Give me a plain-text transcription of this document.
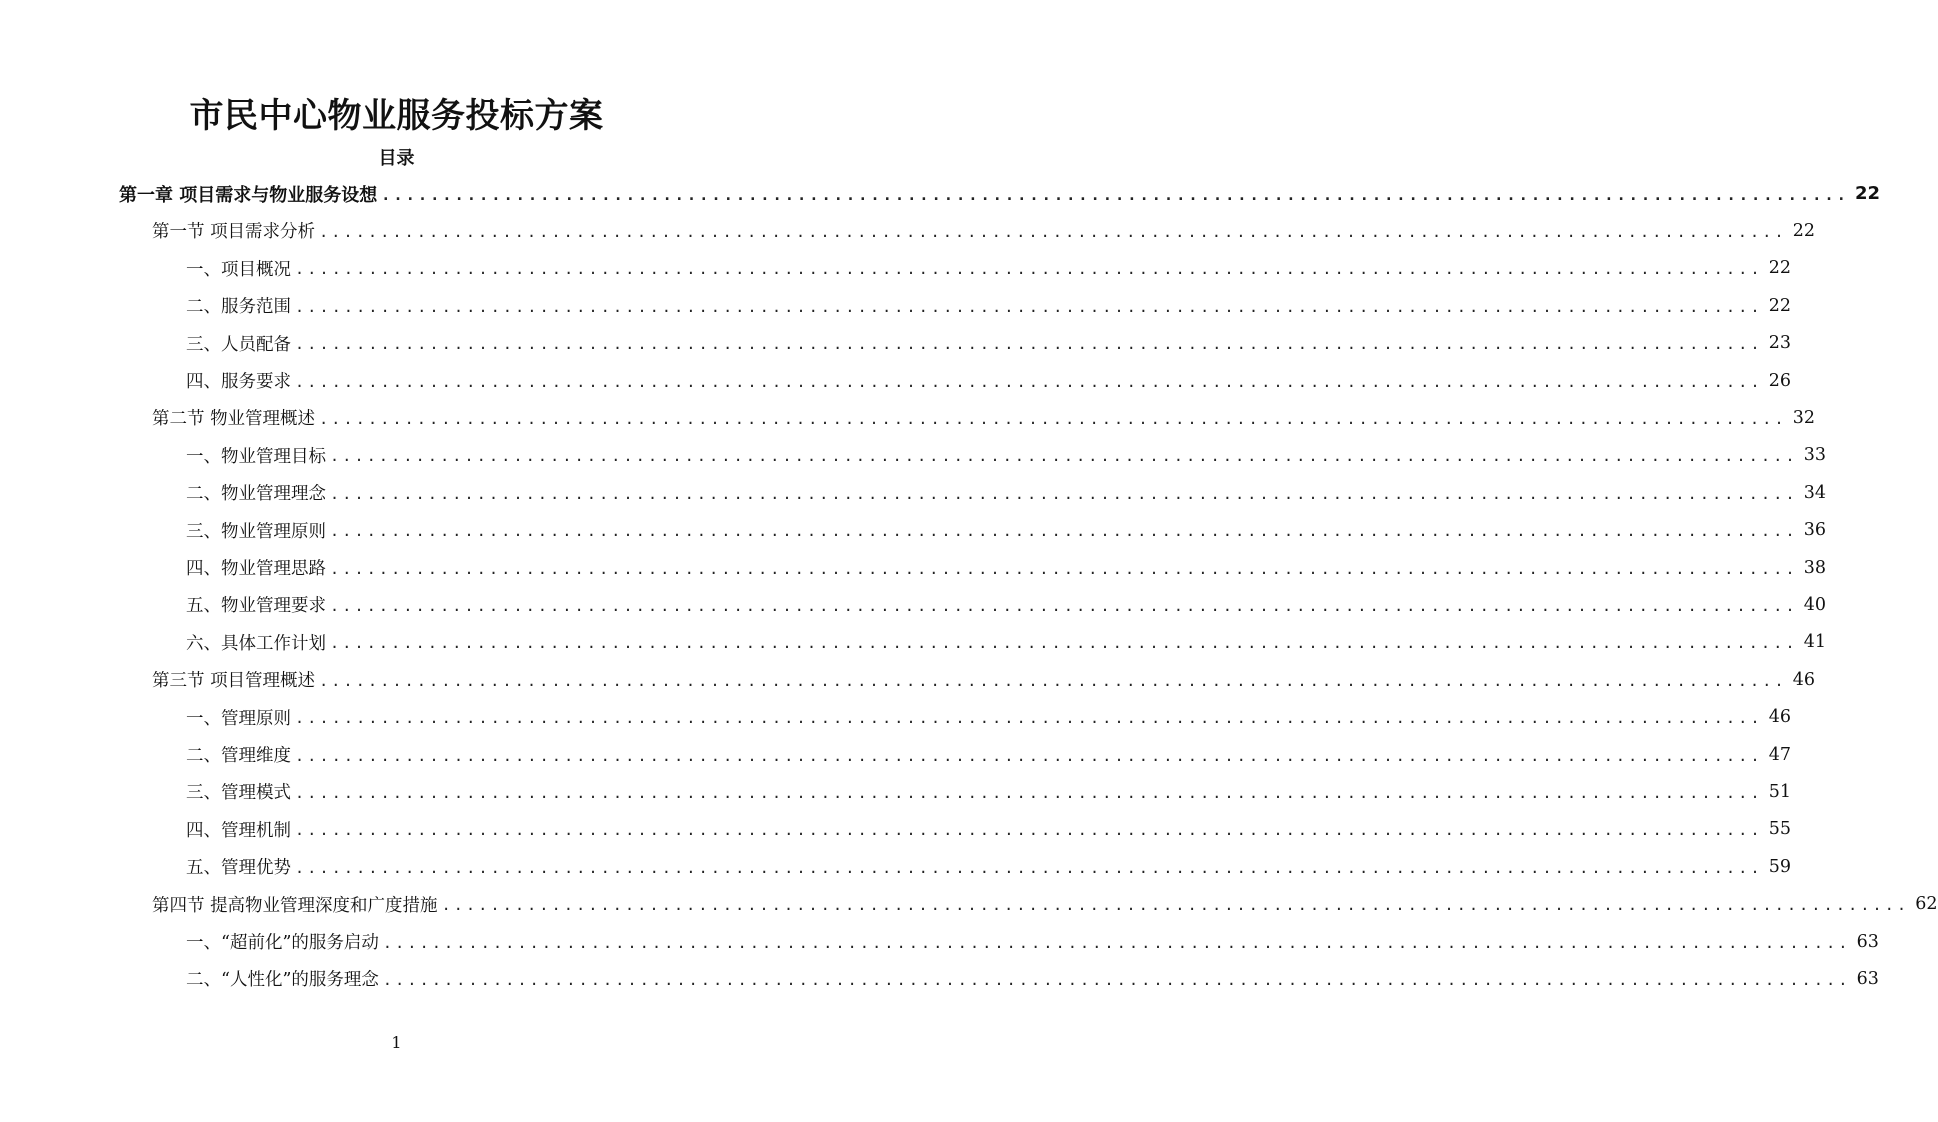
市民中心物业服务投标方案
目录
第一章 项目需求与物业服务设想 ........................................................................................................................ 22
第一节 项目需求分析 ........................................................................................................................ 22
一、项目概况 ........................................................................................................................ 22
二、服务范围 ........................................................................................................................ 22
三、人员配备 ........................................................................................................................ 23
四、服务要求 ........................................................................................................................ 26
第二节 物业管理概述 ........................................................................................................................ 32
一、物业管理目标 ........................................................................................................................ 33
二、物业管理理念 ........................................................................................................................ 34
三、物业管理原则 ........................................................................................................................ 36
四、物业管理思路 ........................................................................................................................ 38
五、物业管理要求 ........................................................................................................................ 40
六、具体工作计划 ........................................................................................................................ 41
第三节 项目管理概述 ........................................................................................................................ 46
一、管理原则 ........................................................................................................................ 46
二、管理维度 ........................................................................................................................ 47
三、管理模式 ........................................................................................................................ 51
四、管理机制 ........................................................................................................................ 55
五、管理优势 ........................................................................................................................ 59
第四节 提高物业管理深度和广度措施 ........................................................................................................................ 62
一、“超前化”的服务启动 ........................................................................................................................ 63
二、“人性化”的服务理念 ........................................................................................................................ 63
1
